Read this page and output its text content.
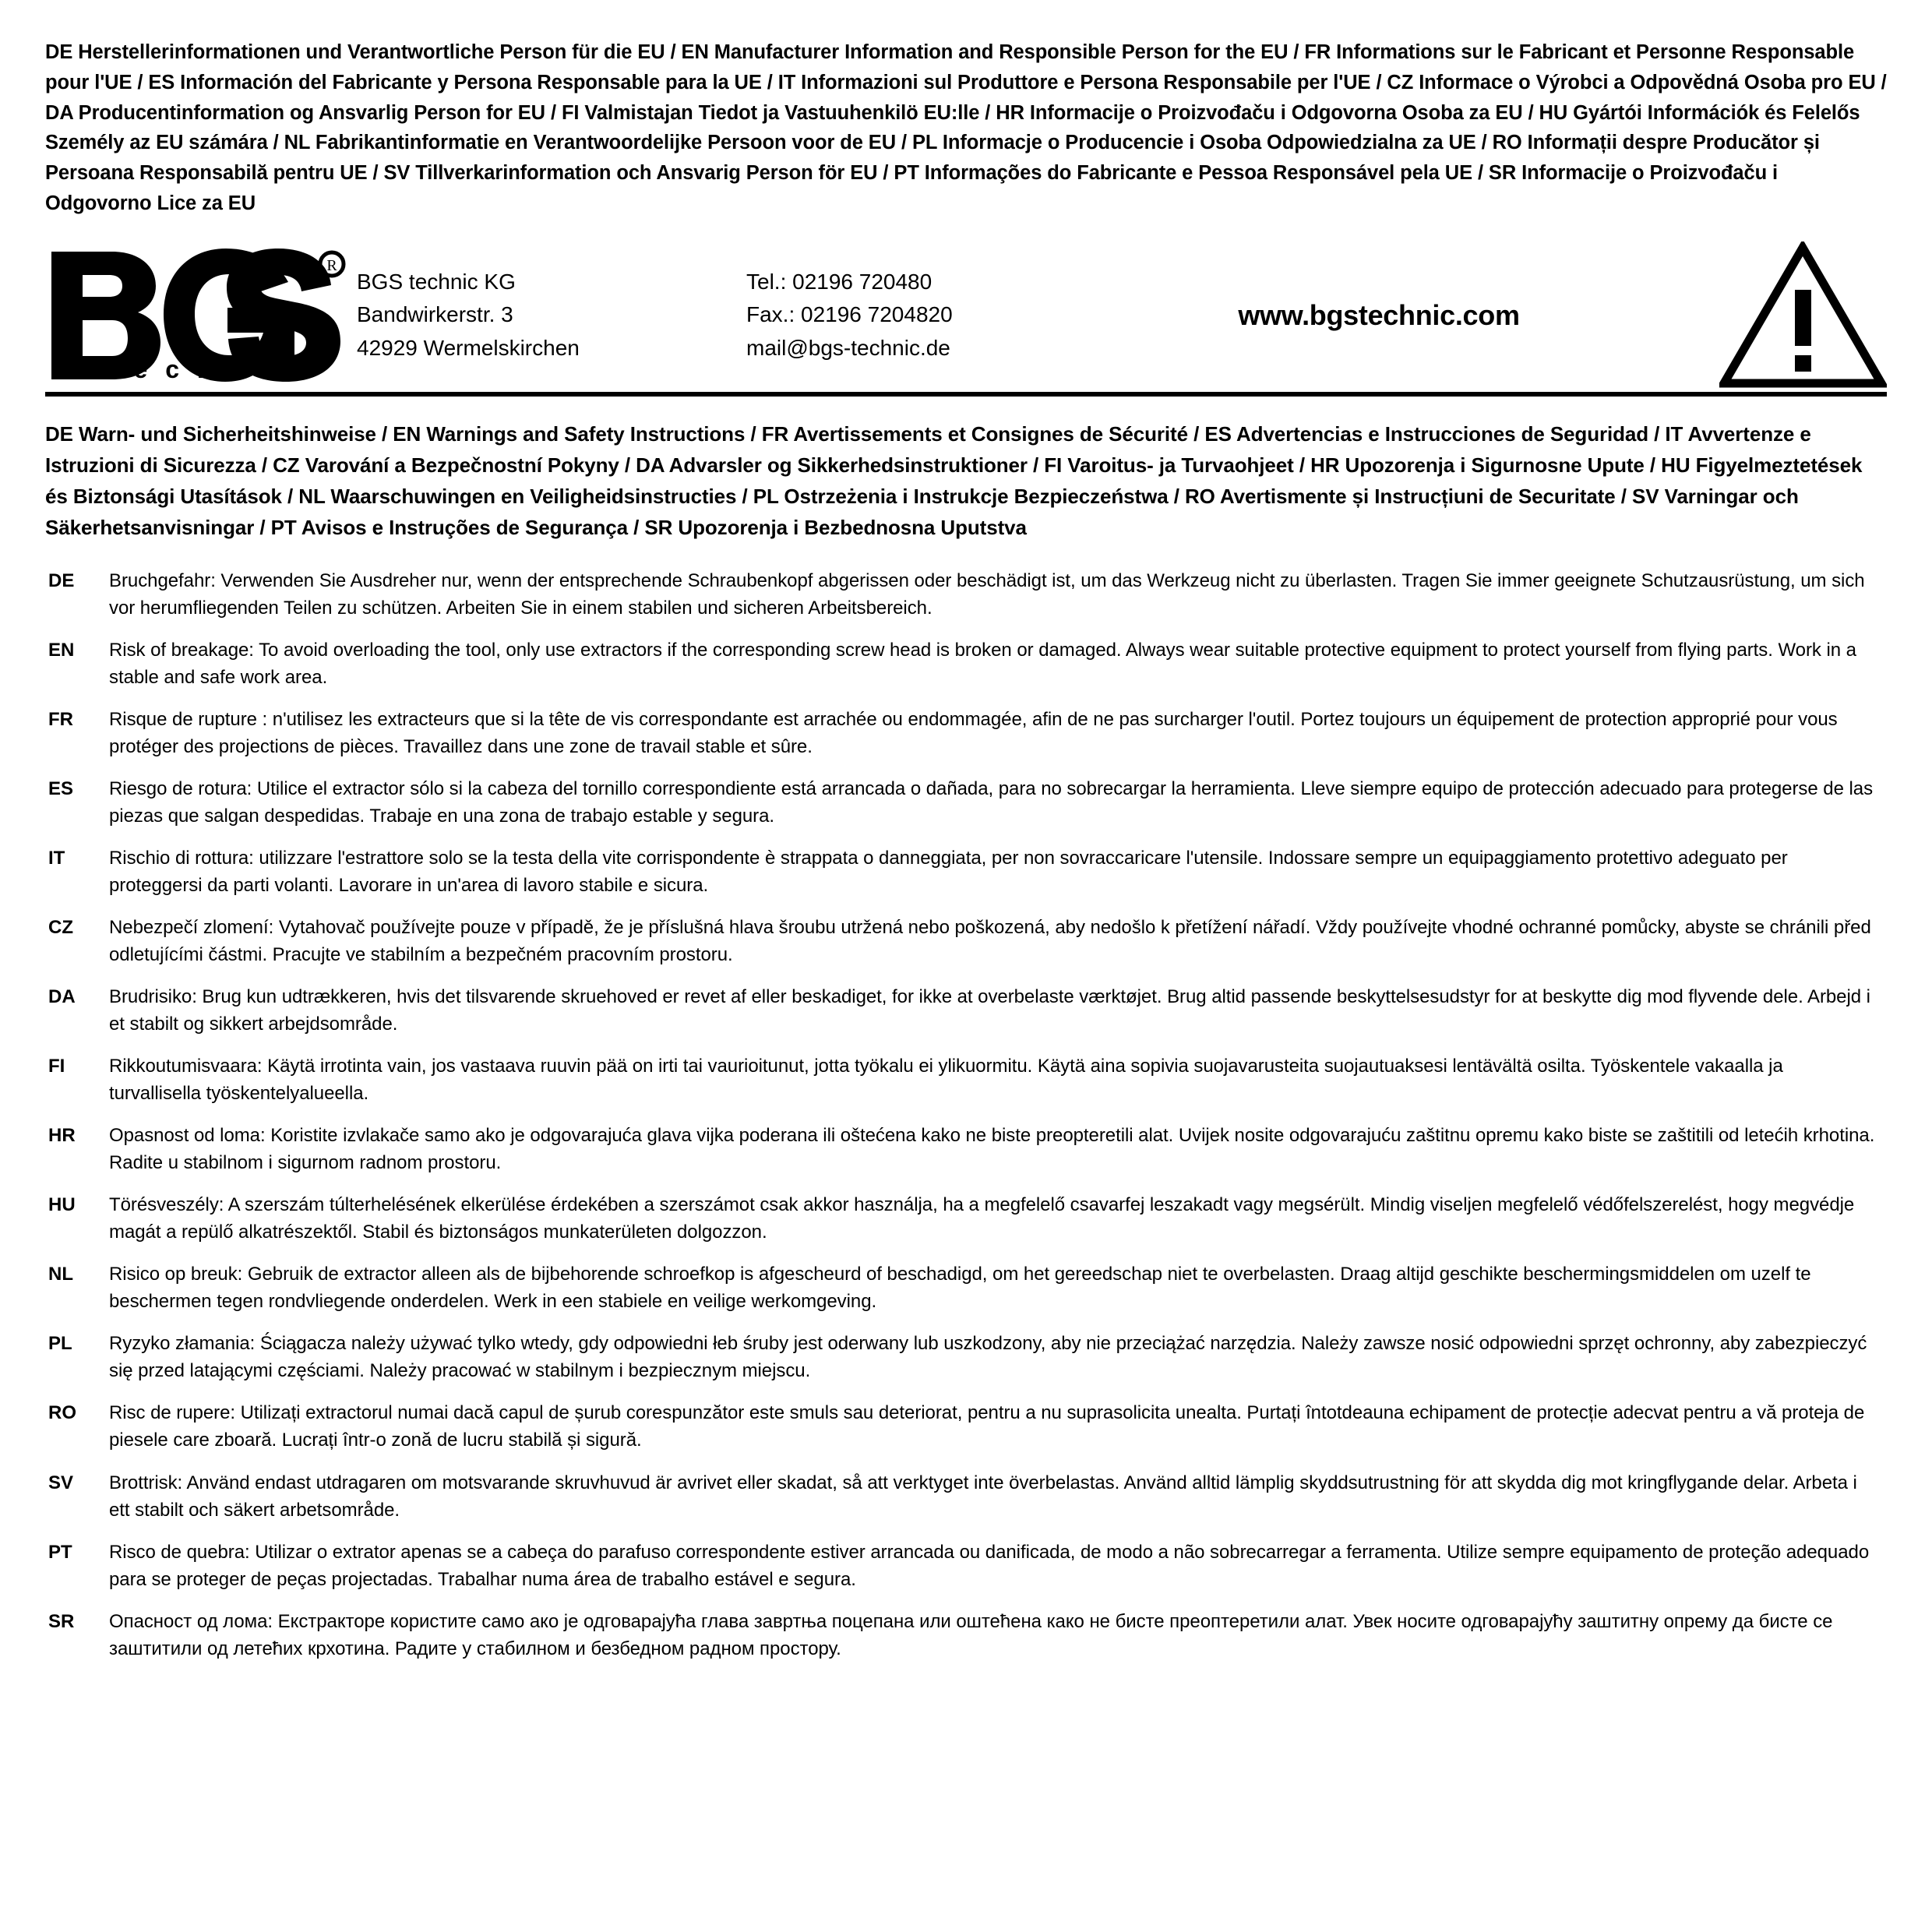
DE Herstellerinformationen und Verantwortliche Person für die EU / EN Manufacturer Information and Responsible Person for the EU / FR Informations sur le Fabricant et Personne Responsable pour l'UE / ES Información del Fabricante y Persona Responsable para la UE / IT Informazioni sul Produttore e Persona Responsabile per l'UE / CZ Informace o Výrobci a Odpovědná Osoba pro EU / DA Producentinformation og Ansvarlig Person for EU / FI Valmistajan Tiedot ja Vastuuhenkilö EU:lle / HR Informacije o Proizvođaču i Odgovorna Osoba za EU / HU Gyártói Információk és Felelős Személy az EU számára / NL Fabrikantinformatie en Verantwoordelijke Persoon voor de EU / PL Informacje o Producencie i Osoba Odpowiedzialna za UE / RO Informații despre Producător și Persoana Responsabilă pentru UE / SV Tillverkarinformation och Ansvarig Person för EU / PT Informações do Fabricante e Pessoa Responsável pela UE / SR Informacije o Proizvođaču i Odgovorno Lice za EU
R
t e c h n i c
BGS technic KG
Bandwirkerstr. 3
42929 Wermelskirchen
Tel.: 02196 720480
Fax.: 02196 7204820
mail@bgs-technic.de
www.bgstechnic.com
DE Warn- und Sicherheitshinweise / EN Warnings and Safety Instructions / FR Avertissements et Consignes de Sécurité / ES Advertencias e Instrucciones de Seguridad / IT Avvertenze e Istruzioni di Sicurezza / CZ Varování a Bezpečnostní Pokyny / DA Advarsler og Sikkerhedsinstruktioner / FI Varoitus- ja Turvaohjeet / HR Upozorenja i Sigurnosne Upute / HU Figyelmeztetések és Biztonsági Utasítások / NL Waarschuwingen en Veiligheidsinstructies / PL Ostrzeżenia i Instrukcje Bezpieczeństwa / RO Avertismente și Instrucțiuni de Securitate / SV Varningar och Säkerhetsanvisningar / PT Avisos e Instruções de Segurança / SR Upozorenja i Bezbednosna Uputstva
DE	Bruchgefahr: Verwenden Sie Ausdreher nur, wenn der entsprechende Schraubenkopf abgerissen oder beschädigt ist, um das Werkzeug nicht zu überlasten. Tragen Sie immer geeignete Schutzausrüstung, um sich vor herumfliegenden Teilen zu schützen. Arbeiten Sie in einem stabilen und sicheren Arbeitsbereich.
EN	Risk of breakage: To avoid overloading the tool, only use extractors if the corresponding screw head is broken or damaged. Always wear suitable protective equipment to protect yourself from flying parts. Work in a stable and safe work area.
FR	Risque de rupture : n'utilisez les extracteurs que si la tête de vis correspondante est arrachée ou endommagée, afin de ne pas surcharger l'outil. Portez toujours un équipement de protection approprié pour vous protéger des projections de pièces. Travaillez dans une zone de travail stable et sûre.
ES	Riesgo de rotura: Utilice el extractor sólo si la cabeza del tornillo correspondiente está arrancada o dañada, para no sobrecargar la herramienta. Lleve siempre equipo de protección adecuado para protegerse de las piezas que salgan despedidas. Trabaje en una zona de trabajo estable y segura.
IT	Rischio di rottura: utilizzare l'estrattore solo se la testa della vite corrispondente è strappata o danneggiata, per non sovraccaricare l'utensile. Indossare sempre un equipaggiamento protettivo adeguato per proteggersi da parti volanti. Lavorare in un'area di lavoro stabile e sicura.
CZ	Nebezpečí zlomení: Vytahovač používejte pouze v případě, že je příslušná hlava šroubu utržená nebo poškozená, aby nedošlo k přetížení nářadí. Vždy používejte vhodné ochranné pomůcky, abyste se chránili před odletujícími částmi. Pracujte ve stabilním a bezpečném pracovním prostoru.
DA	Brudrisiko: Brug kun udtrækkeren, hvis det tilsvarende skruehoved er revet af eller beskadiget, for ikke at overbelaste værktøjet. Brug altid passende beskyttelsesudstyr for at beskytte dig mod flyvende dele. Arbejd i et stabilt og sikkert arbejdsområde.
FI	Rikkoutumisvaara: Käytä irrotinta vain, jos vastaava ruuvin pää on irti tai vaurioitunut, jotta työkalu ei ylikuormitu. Käytä aina sopivia suojavarusteita suojautuaksesi lentävältä osilta. Työskentele vakaalla ja turvallisella työskentelyalueella.
HR	Opasnost od loma: Koristite izvlakače samo ako je odgovarajuća glava vijka poderana ili oštećena kako ne biste preopteretili alat. Uvijek nosite odgovarajuću zaštitnu opremu kako biste se zaštitili od letećih krhotina. Radite u stabilnom i sigurnom radnom prostoru.
HU	Törésveszély: A szerszám túlterhelésének elkerülése érdekében a szerszámot csak akkor használja, ha a megfelelő csavarfej leszakadt vagy megsérült. Mindig viseljen megfelelő védőfelszerelést, hogy megvédje magát a repülő alkatrészektől. Stabil és biztonságos munkaterületen dolgozzon.
NL	Risico op breuk: Gebruik de extractor alleen als de bijbehorende schroefkop is afgescheurd of beschadigd, om het gereedschap niet te overbelasten. Draag altijd geschikte beschermingsmiddelen om uzelf te beschermen tegen rondvliegende onderdelen. Werk in een stabiele en veilige werkomgeving.
PL	Ryzyko złamania: Ściągacza należy używać tylko wtedy, gdy odpowiedni łeb śruby jest oderwany lub uszkodzony, aby nie przeciążać narzędzia. Należy zawsze nosić odpowiedni sprzęt ochronny, aby zabezpieczyć się przed latającymi częściami. Należy pracować w stabilnym i bezpiecznym miejscu.
RO	Risc de rupere: Utilizați extractorul numai dacă capul de șurub corespunzător este smuls sau deteriorat, pentru a nu suprasolicita unealta. Purtați întotdeauna echipament de protecție adecvat pentru a vă proteja de piesele care zboară. Lucrați într-o zonă de lucru stabilă și sigură.
SV	Brottrisk: Använd endast utdragaren om motsvarande skruvhuvud är avrivet eller skadat, så att verktyget inte överbelastas. Använd alltid lämplig skyddsutrustning för att skydda dig mot kringflygande delar. Arbeta i ett stabilt och säkert arbetsområde.
PT	Risco de quebra: Utilizar o extrator apenas se a cabeça do parafuso correspondente estiver arrancada ou danificada, de modo a não sobrecarregar a ferramenta. Utilize sempre equipamento de proteção adequado para se proteger de peças projectadas. Trabalhar numa área de trabalho estável e segura.
SR	Опасност од лома: Екстракторе користите само ако је одговарајућа глава завртња поцепана или оштећена како не бисте преоптеретили алат. Увек носите одговарајућу заштитну опрему да бисте се заштитили од летећих крхотина. Радите у стабилном и безбедном радном простору.
